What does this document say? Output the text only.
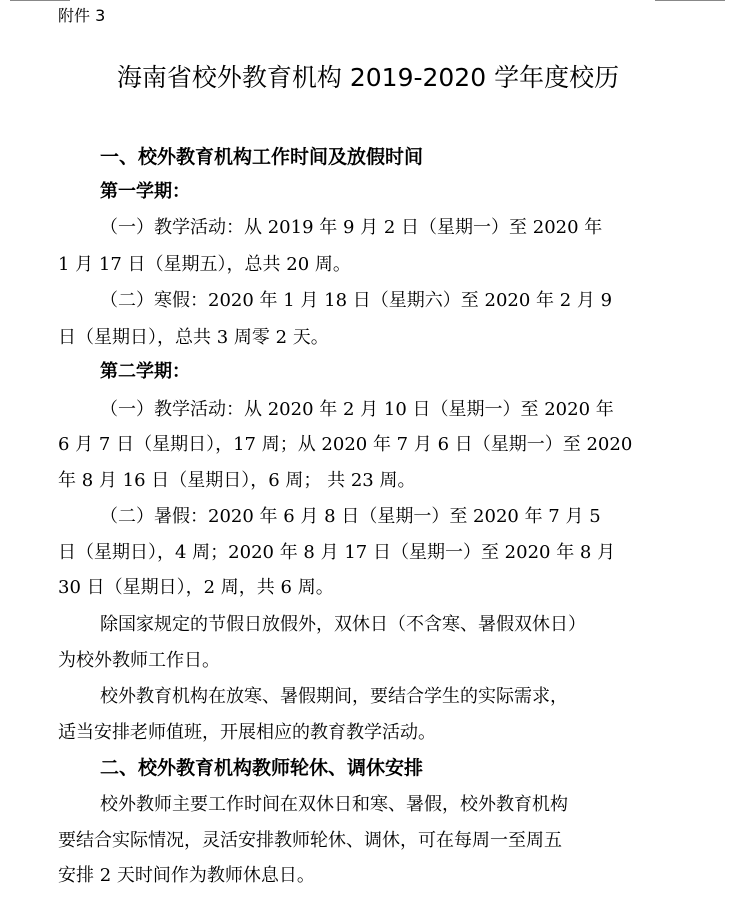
附件 3
海南省校外教育机构 2019-2020 学年度校历
一、校外教育机构工作时间及放假时间
第一学期：
（一）教学活动：从 2019 年 9 月 2 日（星期一）至 2020 年
1 月 17 日（星期五），总共 20 周。
（二）寒假：2020 年 1 月 18 日（星期六）至 2020 年 2 月 9
日（星期日），总共 3 周零 2 天。
第二学期：
（一）教学活动：从 2020 年 2 月 10 日（星期一）至 2020 年
6 月 7 日（星期日），17 周；从 2020 年 7 月 6 日（星期一）至 2020
年 8 月 16 日（星期日），6 周； 共 23 周。
（二）暑假：2020 年 6 月 8 日（星期一）至 2020 年 7 月 5
日（星期日），4 周；2020 年 8 月 17 日（星期一）至 2020 年 8 月
30 日（星期日），2 周，共 6 周。
除国家规定的节假日放假外，双休日（不含寒、暑假双休日）
为校外教师工作日。
校外教育机构在放寒、暑假期间，要结合学生的实际需求，
适当安排老师值班，开展相应的教育教学活动。
二、校外教育机构教师轮休、调休安排
校外教师主要工作时间在双休日和寒、暑假，校外教育机构
要结合实际情况，灵活安排教师轮休、调休，可在每周一至周五
安排 2 天时间作为教师休息日。
